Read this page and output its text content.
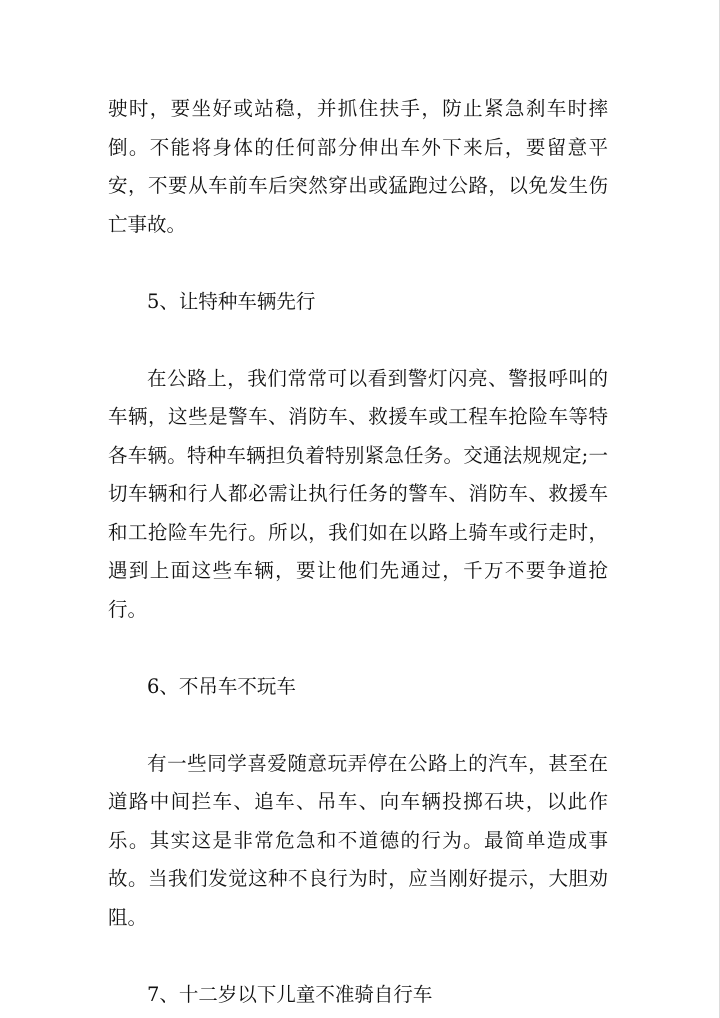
驶时，要坐好或站稳，并抓住扶手，防止紧急刹车时摔倒。不能将身体的任何部分伸出车外下来后，要留意平安，不要从车前车后突然穿出或猛跑过公路，以免发生伤亡事故。

5、让特种车辆先行

在公路上，我们常常可以看到警灯闪亮、警报呼叫的车辆，这些是警车、消防车、救援车或工程车抢险车等特各车辆。特种车辆担负着特别紧急任务。交通法规规定;一切车辆和行人都必需让执行任务的警车、消防车、救援车和工抢险车先行。所以，我们如在以路上骑车或行走时，遇到上面这些车辆，要让他们先通过，千万不要争道抢行。

6、不吊车不玩车

有一些同学喜爱随意玩弄停在公路上的汽车，甚至在道路中间拦车、追车、吊车、向车辆投掷石块，以此作乐。其实这是非常危急和不道德的行为。最简单造成事故。当我们发觉这种不良行为时，应当刚好提示，大胆劝阻。

7、十二岁以下儿童不准骑自行车
